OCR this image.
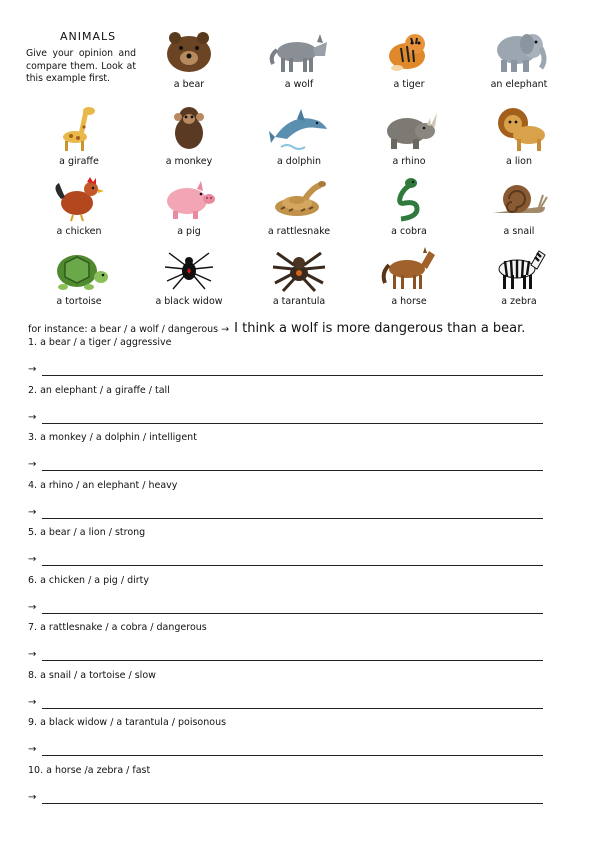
ANIMALS
Give your opinion and compare them. Look at this example first.
a bear	a wolf	a tiger	an elephant
a giraffe	a monkey	a dolphin	a rhino	a lion
a chicken	a pig	a rattlesnake	a cobra	a snail
a tortoise	a black widow	a tarantula	a horse	a zebra
for instance: a bear / a wolf / dangerous → I think a wolf is more dangerous than a bear.
1. a bear / a tiger / aggressive
→
2. an elephant / a giraffe / tall
→
3. a monkey / a dolphin / intelligent
→
4. a rhino / an elephant / heavy
→
5. a bear / a lion / strong
→
6. a chicken / a pig / dirty
→
7. a rattlesnake / a cobra / dangerous
→
8. a snail / a tortoise / slow
→
9. a black widow / a tarantula / poisonous
→
10. a horse /a zebra / fast
→
